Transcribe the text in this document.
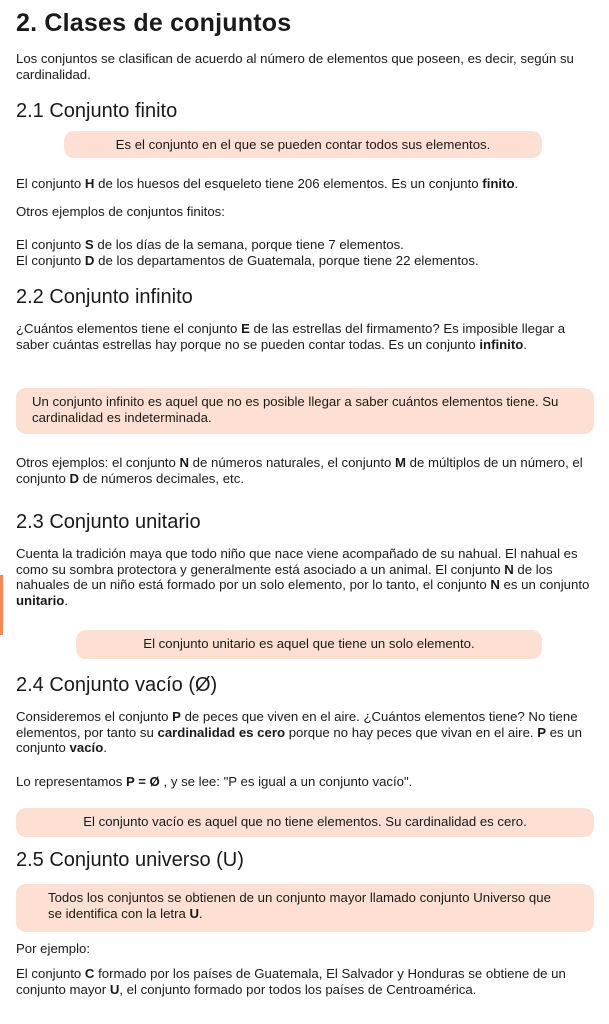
2. Clases de conjuntos
Los conjuntos se clasifican de acuerdo al número de elementos que poseen, es decir, según su cardinalidad.
2.1 Conjunto finito
Es el conjunto en el que se pueden contar todos sus elementos.
El conjunto H de los huesos del esqueleto tiene 206 elementos. Es un conjunto finito.
Otros ejemplos de conjuntos finitos:
El conjunto S de los días de la semana, porque tiene 7 elementos.
El conjunto D de los departamentos de Guatemala, porque tiene 22 elementos.
2.2 Conjunto infinito
¿Cuántos elementos tiene el conjunto E de las estrellas del firmamento? Es imposible llegar a saber cuántas estrellas hay porque no se pueden contar todas. Es un conjunto infinito.
Un conjunto infinito es aquel que no es posible llegar a saber cuántos elementos tiene. Su cardinalidad es indeterminada.
Otros ejemplos: el conjunto N de números naturales, el conjunto M de múltiplos de un número, el conjunto D de números decimales, etc.
2.3 Conjunto unitario
Cuenta la tradición maya que todo niño que nace viene acompañado de su nahual. El nahual es como su sombra protectora y generalmente está asociado a un animal. El conjunto N de los nahuales de un niño está formado por un solo elemento, por lo tanto, el conjunto N es un conjunto unitario.
El conjunto unitario es aquel que tiene un solo elemento.
2.4 Conjunto vacío (Ø)
Consideremos el conjunto P de peces que viven en el aire. ¿Cuántos elementos tiene? No tiene elementos, por tanto su cardinalidad es cero porque no hay peces que vivan en el aire. P es un conjunto vacío.
Lo representamos P = Ø , y se lee: "P es igual a un conjunto vacío".
El conjunto vacío es aquel que no tiene elementos. Su cardinalidad es cero.
2.5 Conjunto universo (U)
Todos los conjuntos se obtienen de un conjunto mayor llamado conjunto Universo que se identifica con la letra U.
Por ejemplo:
El conjunto C formado por los países de Guatemala, El Salvador y Honduras se obtiene de un conjunto mayor U, el conjunto formado por todos los países de Centroamérica.
